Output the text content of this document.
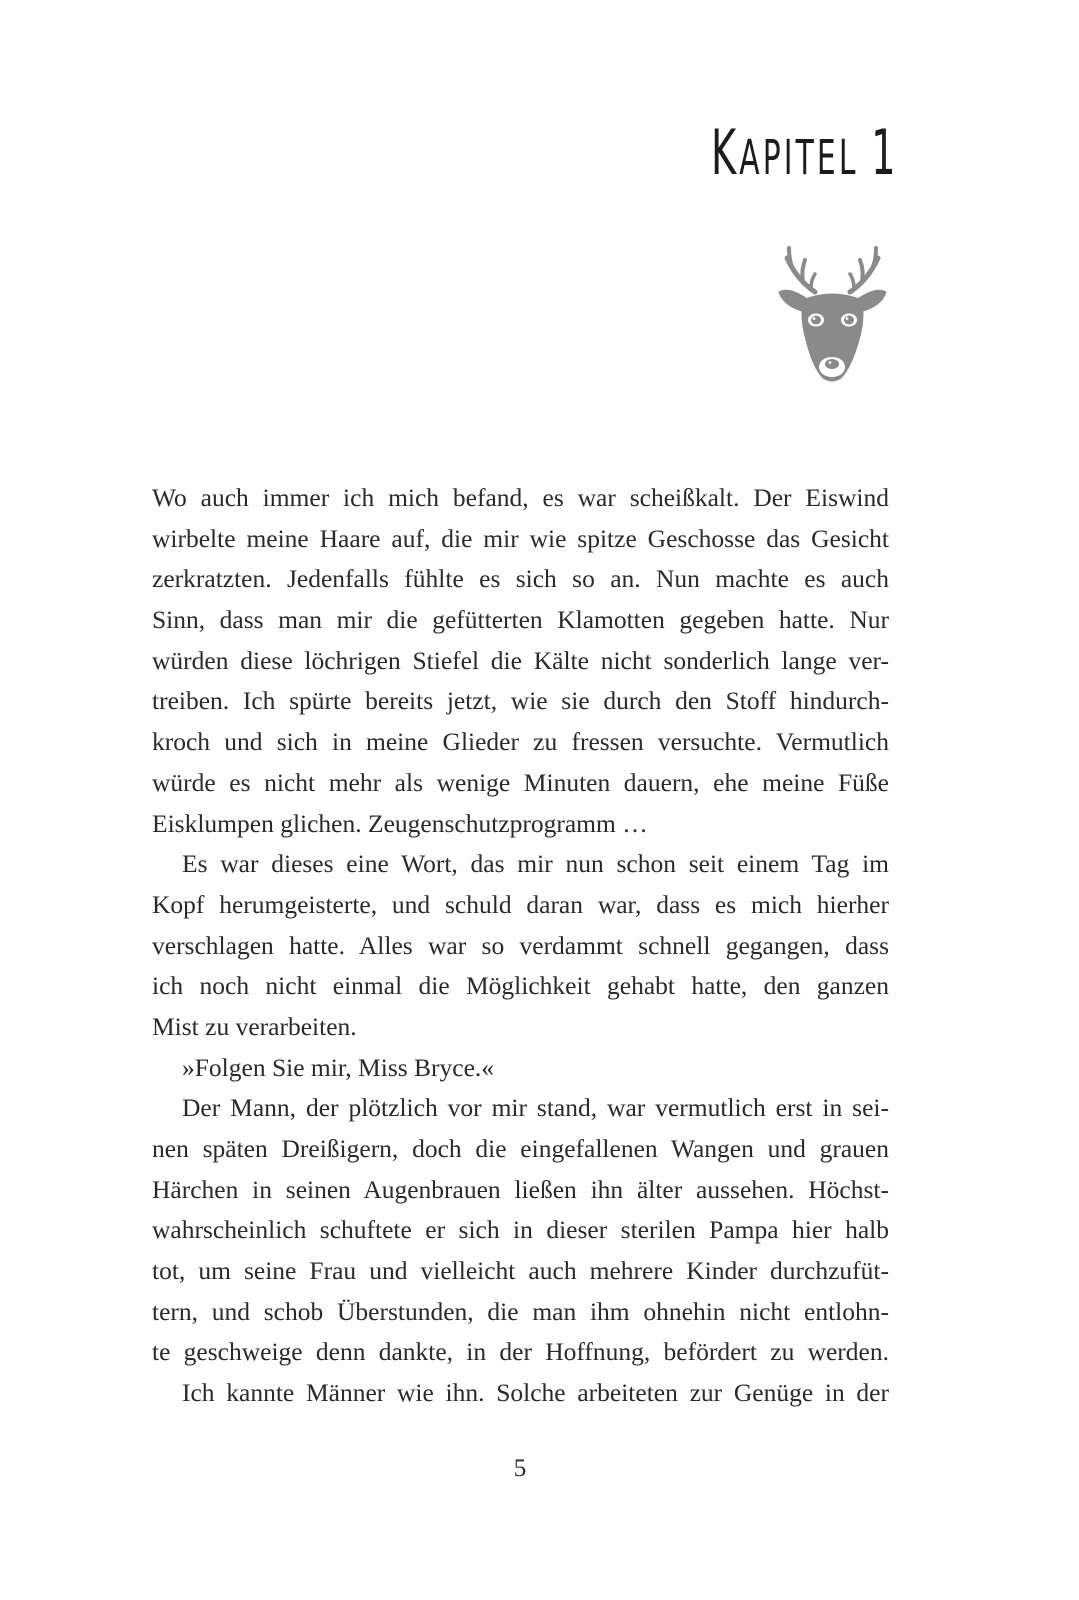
KAPITEL 1
Wo auch immer ich mich befand, es war scheißkalt. Der Eiswind
wirbelte meine Haare auf, die mir wie spitze Geschosse das Gesicht
zerkratzten. Jedenfalls fühlte es sich so an. Nun machte es auch
Sinn, dass man mir die gefütterten Klamotten gegeben hatte. Nur
würden diese löchrigen Stiefel die Kälte nicht sonderlich lange ver-
treiben. Ich spürte bereits jetzt, wie sie durch den Stoff hindurch-
kroch und sich in meine Glieder zu fressen versuchte. Vermutlich
würde es nicht mehr als wenige Minuten dauern, ehe meine Füße
Eisklumpen glichen. Zeugenschutzprogramm …
Es war dieses eine Wort, das mir nun schon seit einem Tag im
Kopf herumgeisterte, und schuld daran war, dass es mich hierher
verschlagen hatte. Alles war so verdammt schnell gegangen, dass
ich noch nicht einmal die Möglichkeit gehabt hatte, den ganzen
Mist zu verarbeiten.
»Folgen Sie mir, Miss Bryce.«
Der Mann, der plötzlich vor mir stand, war vermutlich erst in sei-
nen späten Dreißigern, doch die eingefallenen Wangen und grauen
Härchen in seinen Augenbrauen ließen ihn älter aussehen. Höchst-
wahrscheinlich schuftete er sich in dieser sterilen Pampa hier halb
tot, um seine Frau und vielleicht auch mehrere Kinder durchzufüt-
tern, und schob Überstunden, die man ihm ohnehin nicht entlohn-
te geschweige denn dankte, in der Hoffnung, befördert zu werden.
Ich kannte Männer wie ihn. Solche arbeiteten zur Genüge in der
5
